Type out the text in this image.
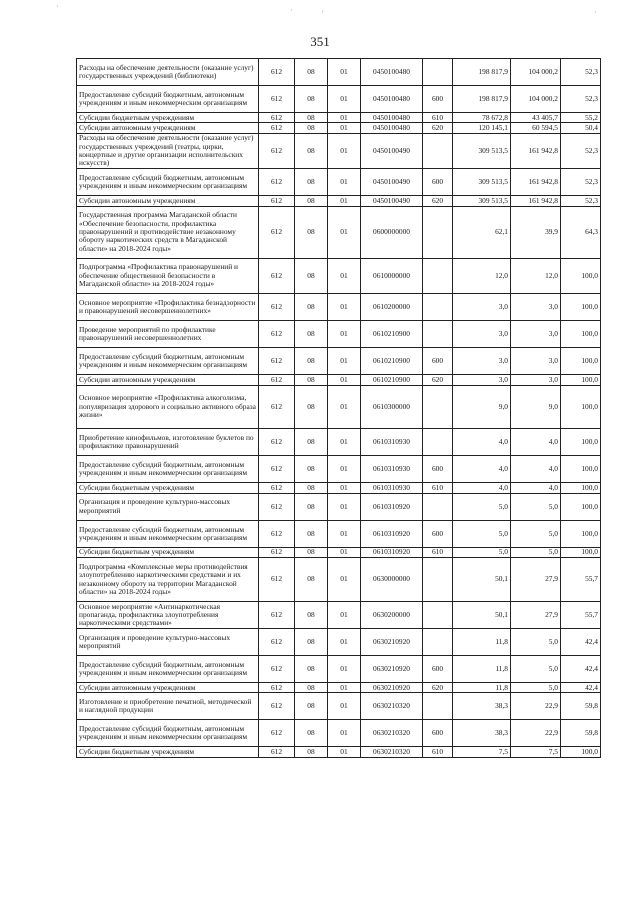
·	·	'	·
351
Расходы на обеспечение деятельности (оказание услуг) государственных учреждений (библиотеки)	612	08	01	0450100480		198 817,9	104 000,2	52,3
Предоставление субсидий бюджетным, автономным учреждениям и иным некоммерческим организациям	612	08	01	0450100480	600	198 817,9	104 000,2	52,3
Субсидии бюджетным учреждениям	612	08	01	0450100480	610	78 672,8	43 405,7	55,2
Субсидии автономным учреждениям	612	08	01	0450100480	620	120 145,1	60 594,5	50,4
Расходы на обеспечение деятельности (оказание услуг) государственных учреждений (театры, цирки, концертные и другие организации исполнительских искусств)	612	08	01	0450100490		309 513,5	161 942,8	52,3
Предоставление субсидий бюджетным, автономным учреждениям и иным некоммерческим организациям	612	08	01	0450100490	600	309 513,5	161 942,8	52,3
Субсидии автономным учреждениям	612	08	01	0450100490	620	309 513,5	161 942,8	52,3
Государственная программа Магаданской области «Обеспечение безопасности, профилактика правонарушений и противодействие незаконному обороту наркотических средств в Магаданской области» на 2018-2024 годы»	612	08	01	0600000000		62,1	39,9	64,3
Подпрограмма «Профилактика правонарушений и обеспечение общественной безопасности в Магаданской области» на 2018-2024 годы»	612	08	01	0610000000		12,0	12,0	100,0
Основное мероприятие «Профилактика безнадзорности и правонарушений несовершеннолетних»	612	08	01	0610200000		3,0	3,0	100,0
Проведение мероприятий по профилактике правонарушений несовершеннолетних	612	08	01	0610210900		3,0	3,0	100,0
Предоставление субсидий бюджетным, автономным учреждениям и иным некоммерческим организациям	612	08	01	0610210900	600	3,0	3,0	100,0
Субсидии автономным учреждениям	612	08	01	0610210900	620	3,0	3,0	100,0
Основное мероприятие «Профилактика алкоголизма, популяризация здорового и социально активного образа жизни»	612	08	01	0610300000		9,0	9,0	100,0
Приобретение кинофильмов, изготовление буклетов по профилактике правонарушений	612	08	01	0610310930		4,0	4,0	100,0
Предоставление субсидий бюджетным, автономным учреждениям и иным некоммерческим организациям	612	08	01	0610310930	600	4,0	4,0	100,0
Субсидии бюджетным учреждениям	612	08	01	0610310930	610	4,0	4,0	100,0
Организация и проведение культурно-массовых мероприятий	612	08	01	0610310920		5,0	5,0	100,0
Предоставление субсидий бюджетным, автономным учреждениям и иным некоммерческим организациям	612	08	01	0610310920	600	5,0	5,0	100,0
Субсидии бюджетным учреждениям	612	08	01	0610310920	610	5,0	5,0	100,0
Подпрограмма «Комплексные меры противодействия злоупотреблению наркотическими средствами и их незаконному обороту на территории Магаданской области» на 2018-2024 годы»	612	08	01	0630000000		50,1	27,9	55,7
Основное мероприятие «Антинаркотическая пропаганда, профилактика злоупотребления наркотическими средствами»	612	08	01	0630200000		50,1	27,9	55,7
Организация и проведение культурно-массовых мероприятий	612	08	01	0630210920		11,8	5,0	42,4
Предоставление субсидий бюджетным, автономным учреждениям и иным некоммерческим организациям	612	08	01	0630210920	600	11,8	5,0	42,4
Субсидии автономным учреждениям	612	08	01	0630210920	620	11,8	5,0	42,4
Изготовление и приобретение печатной, методической и наглядной продукции	612	08	01	0630210320		38,3	22,9	59,8
Предоставление субсидий бюджетным, автономным учреждениям и иным некоммерческим организациям	612	08	01	0630210320	600	38,3	22,9	59,8
Субсидии бюджетным учреждениям	612	08	01	0630210320	610	7,5	7,5	100,0
